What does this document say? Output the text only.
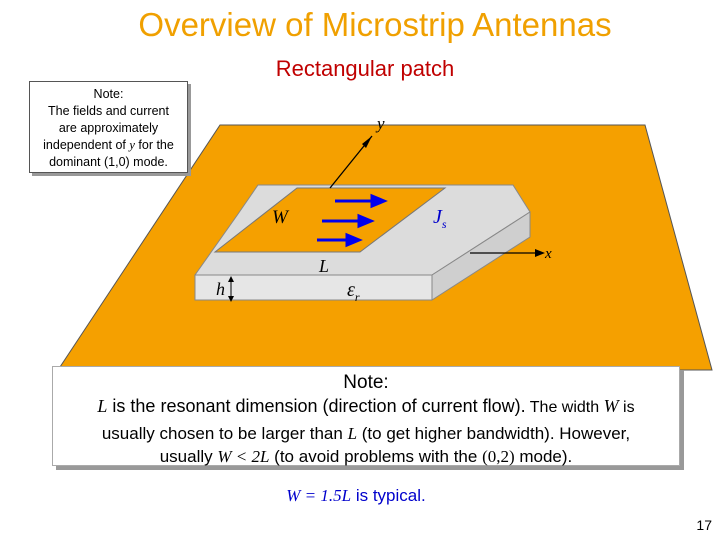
Overview of Microstrip Antennas
Rectangular patch
y
x
W
L
h
$J_s$
$\varepsilon_r$
Note:
The fields and current
are approximately
independent of y for the
dominant (1,0) mode.
Note:
L is the resonant dimension (direction of current flow). The width W is
usually chosen to be larger than L (to get higher bandwidth). However,
usually W < 2L (to avoid problems with the (0,2) mode).
W = 1.5L is typical.
17
